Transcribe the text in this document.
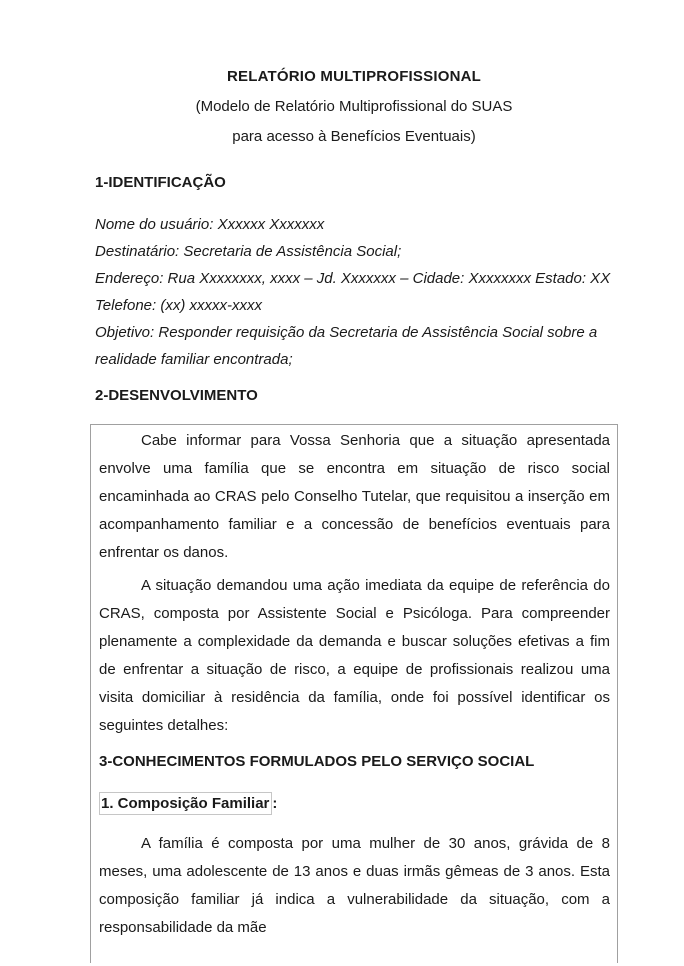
RELATÓRIO MULTIPROFISSIONAL
(Modelo de Relatório Multiprofissional do SUAS
para acesso à Benefícios Eventuais)
1-IDENTIFICAÇÃO
Nome do usuário: Xxxxxx Xxxxxxx
Destinatário: Secretaria de Assistência Social;
Endereço: Rua Xxxxxxxx, xxxx – Jd. Xxxxxxx – Cidade: Xxxxxxxx Estado: XX
Telefone: (xx) xxxxx-xxxx
Objetivo: Responder requisição da Secretaria de Assistência Social sobre a realidade familiar encontrada;
2-DESENVOLVIMENTO

Cabe informar para Vossa Senhoria que a situação apresentada envolve uma família que se encontra em situação de risco social encaminhada ao CRAS pelo Conselho Tutelar, que requisitou a inserção em acompanhamento familiar e a concessão de benefícios eventuais para enfrentar os danos.

A situação demandou uma ação imediata da equipe de referência do CRAS, composta por Assistente Social e Psicóloga. Para compreender plenamente a complexidade da demanda e buscar soluções efetivas a fim de enfrentar a situação de risco, a equipe de profissionais realizou uma visita domiciliar à residência da família, onde foi possível identificar os seguintes detalhes:

3-CONHECIMENTOS FORMULADOS PELO SERVIÇO SOCIAL
1. Composição Familiar :

A família é composta por uma mulher de 30 anos, grávida de 8 meses, uma adolescente de 13 anos e duas irmãs gêmeas de 3 anos. Esta composição familiar já indica a vulnerabilidade da situação, com a responsabilidade da mãe
